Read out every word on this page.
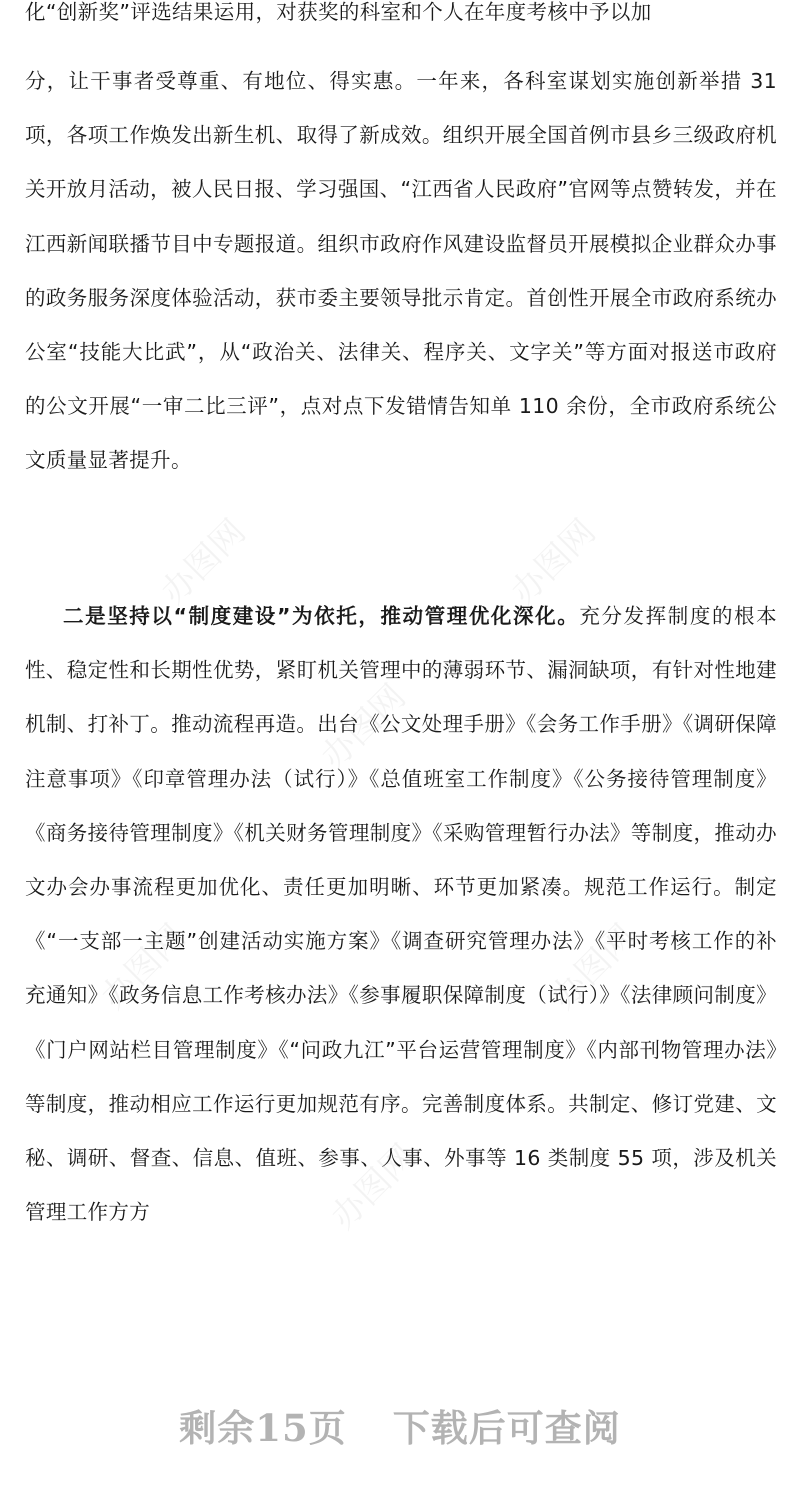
化“创新奖”评选结果运用，对获奖的科室和个人在年度考核中予以加

分，让干事者受尊重、有地位、得实惠。一年来，各科室谋划实施创新举措 31 项，各项工作焕发出新生机、取得了新成效。组织开展全国首例市县乡三级政府机关开放月活动，被人民日报、学习强国、“江西省人民政府”官网等点赞转发，并在江西新闻联播节目中专题报道。组织市政府作风建设监督员开展模拟企业群众办事的政务服务深度体验活动，获市委主要领导批示肯定。首创性开展全市政府系统办公室“技能大比武”，从“政治关、法律关、程序关、文字关”等方面对报送市政府的公文开展“一审二比三评”，点对点下发错情告知单 110 余份，全市政府系统公文质量显著提升。

二是坚持以“制度建设”为依托，推动管理优化深化。充分发挥制度的根本性、稳定性和长期性优势，紧盯机关管理中的薄弱环节、漏洞缺项，有针对性地建机制、打补丁。推动流程再造。出台《公文处理手册》《会务工作手册》《调研保障注意事项》《印章管理办法（试行）》《总值班室工作制度》《公务接待管理制度》《商务接待管理制度》《机关财务管理制度》《采购管理暂行办法》等制度，推动办文办会办事流程更加优化、责任更加明晰、环节更加紧凑。规范工作运行。制定《“一支部一主题”创建活动实施方案》《调查研究管理办法》《平时考核工作的补充通知》《政务信息工作考核办法》《参事履职保障制度（试行）》《法律顾问制度》《门户网站栏目管理制度》《“问政九江”平台运营管理制度》《内部刊物管理办法》等制度，推动相应工作运行更加规范有序。完善制度体系。共制定、修订党建、文秘、调研、督查、信息、值班、参事、人事、外事等 16 类制度 55 项，涉及机关管理工作方方

剩余15页 下载后可查阅
